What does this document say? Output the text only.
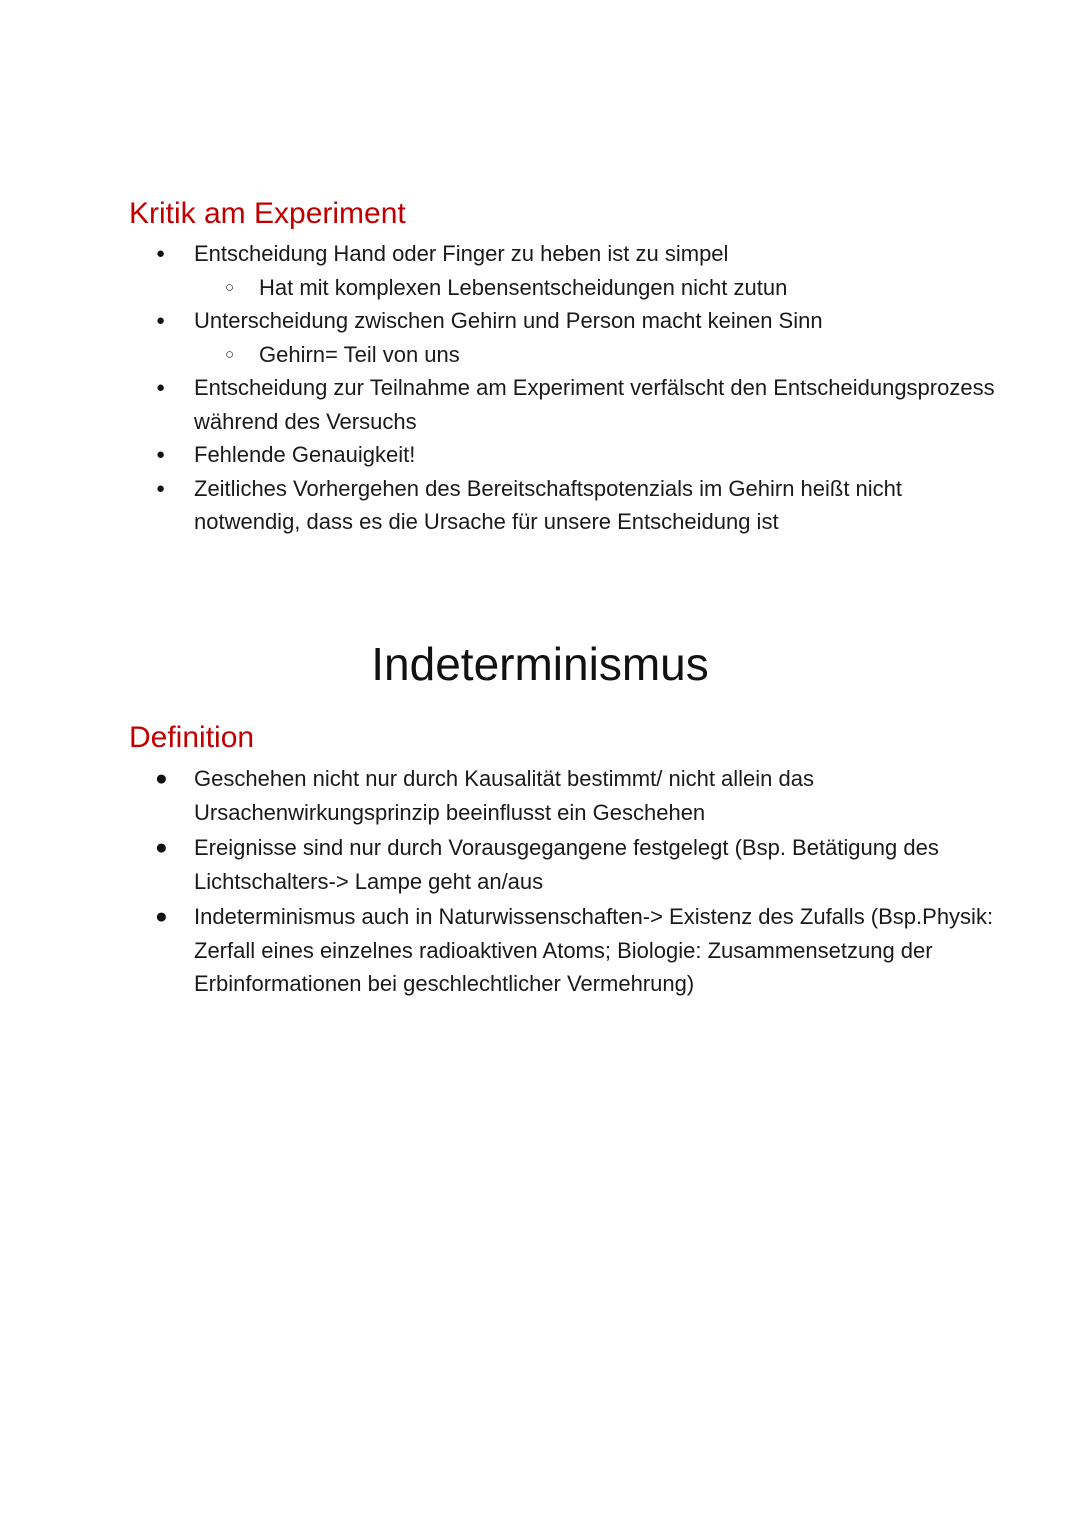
Kritik am Experiment
● Entscheidung Hand oder Finger zu heben ist zu simpel
○ Hat mit komplexen Lebensentscheidungen nicht zutun
● Unterscheidung zwischen Gehirn und Person macht keinen Sinn
○ Gehirn= Teil von uns
● Entscheidung zur Teilnahme am Experiment verfälscht den Entscheidungsprozess während des Versuchs
● Fehlende Genauigkeit!
● Zeitliches Vorhergehen des Bereitschaftspotenzials im Gehirn heißt nicht notwendig, dass es die Ursache für unsere Entscheidung ist
Indeterminismus
Definition
● Geschehen nicht nur durch Kausalität bestimmt/ nicht allein das Ursachenwirkungsprinzip beeinflusst ein Geschehen
● Ereignisse sind nur durch Vorausgegangene festgelegt (Bsp. Betätigung des Lichtschalters-> Lampe geht an/aus
● Indeterminismus auch in Naturwissenschaften-> Existenz des Zufalls (Bsp.Physik: Zerfall eines einzelnes radioaktiven Atoms; Biologie: Zusammensetzung der Erbinformationen bei geschlechtlicher Vermehrung)
